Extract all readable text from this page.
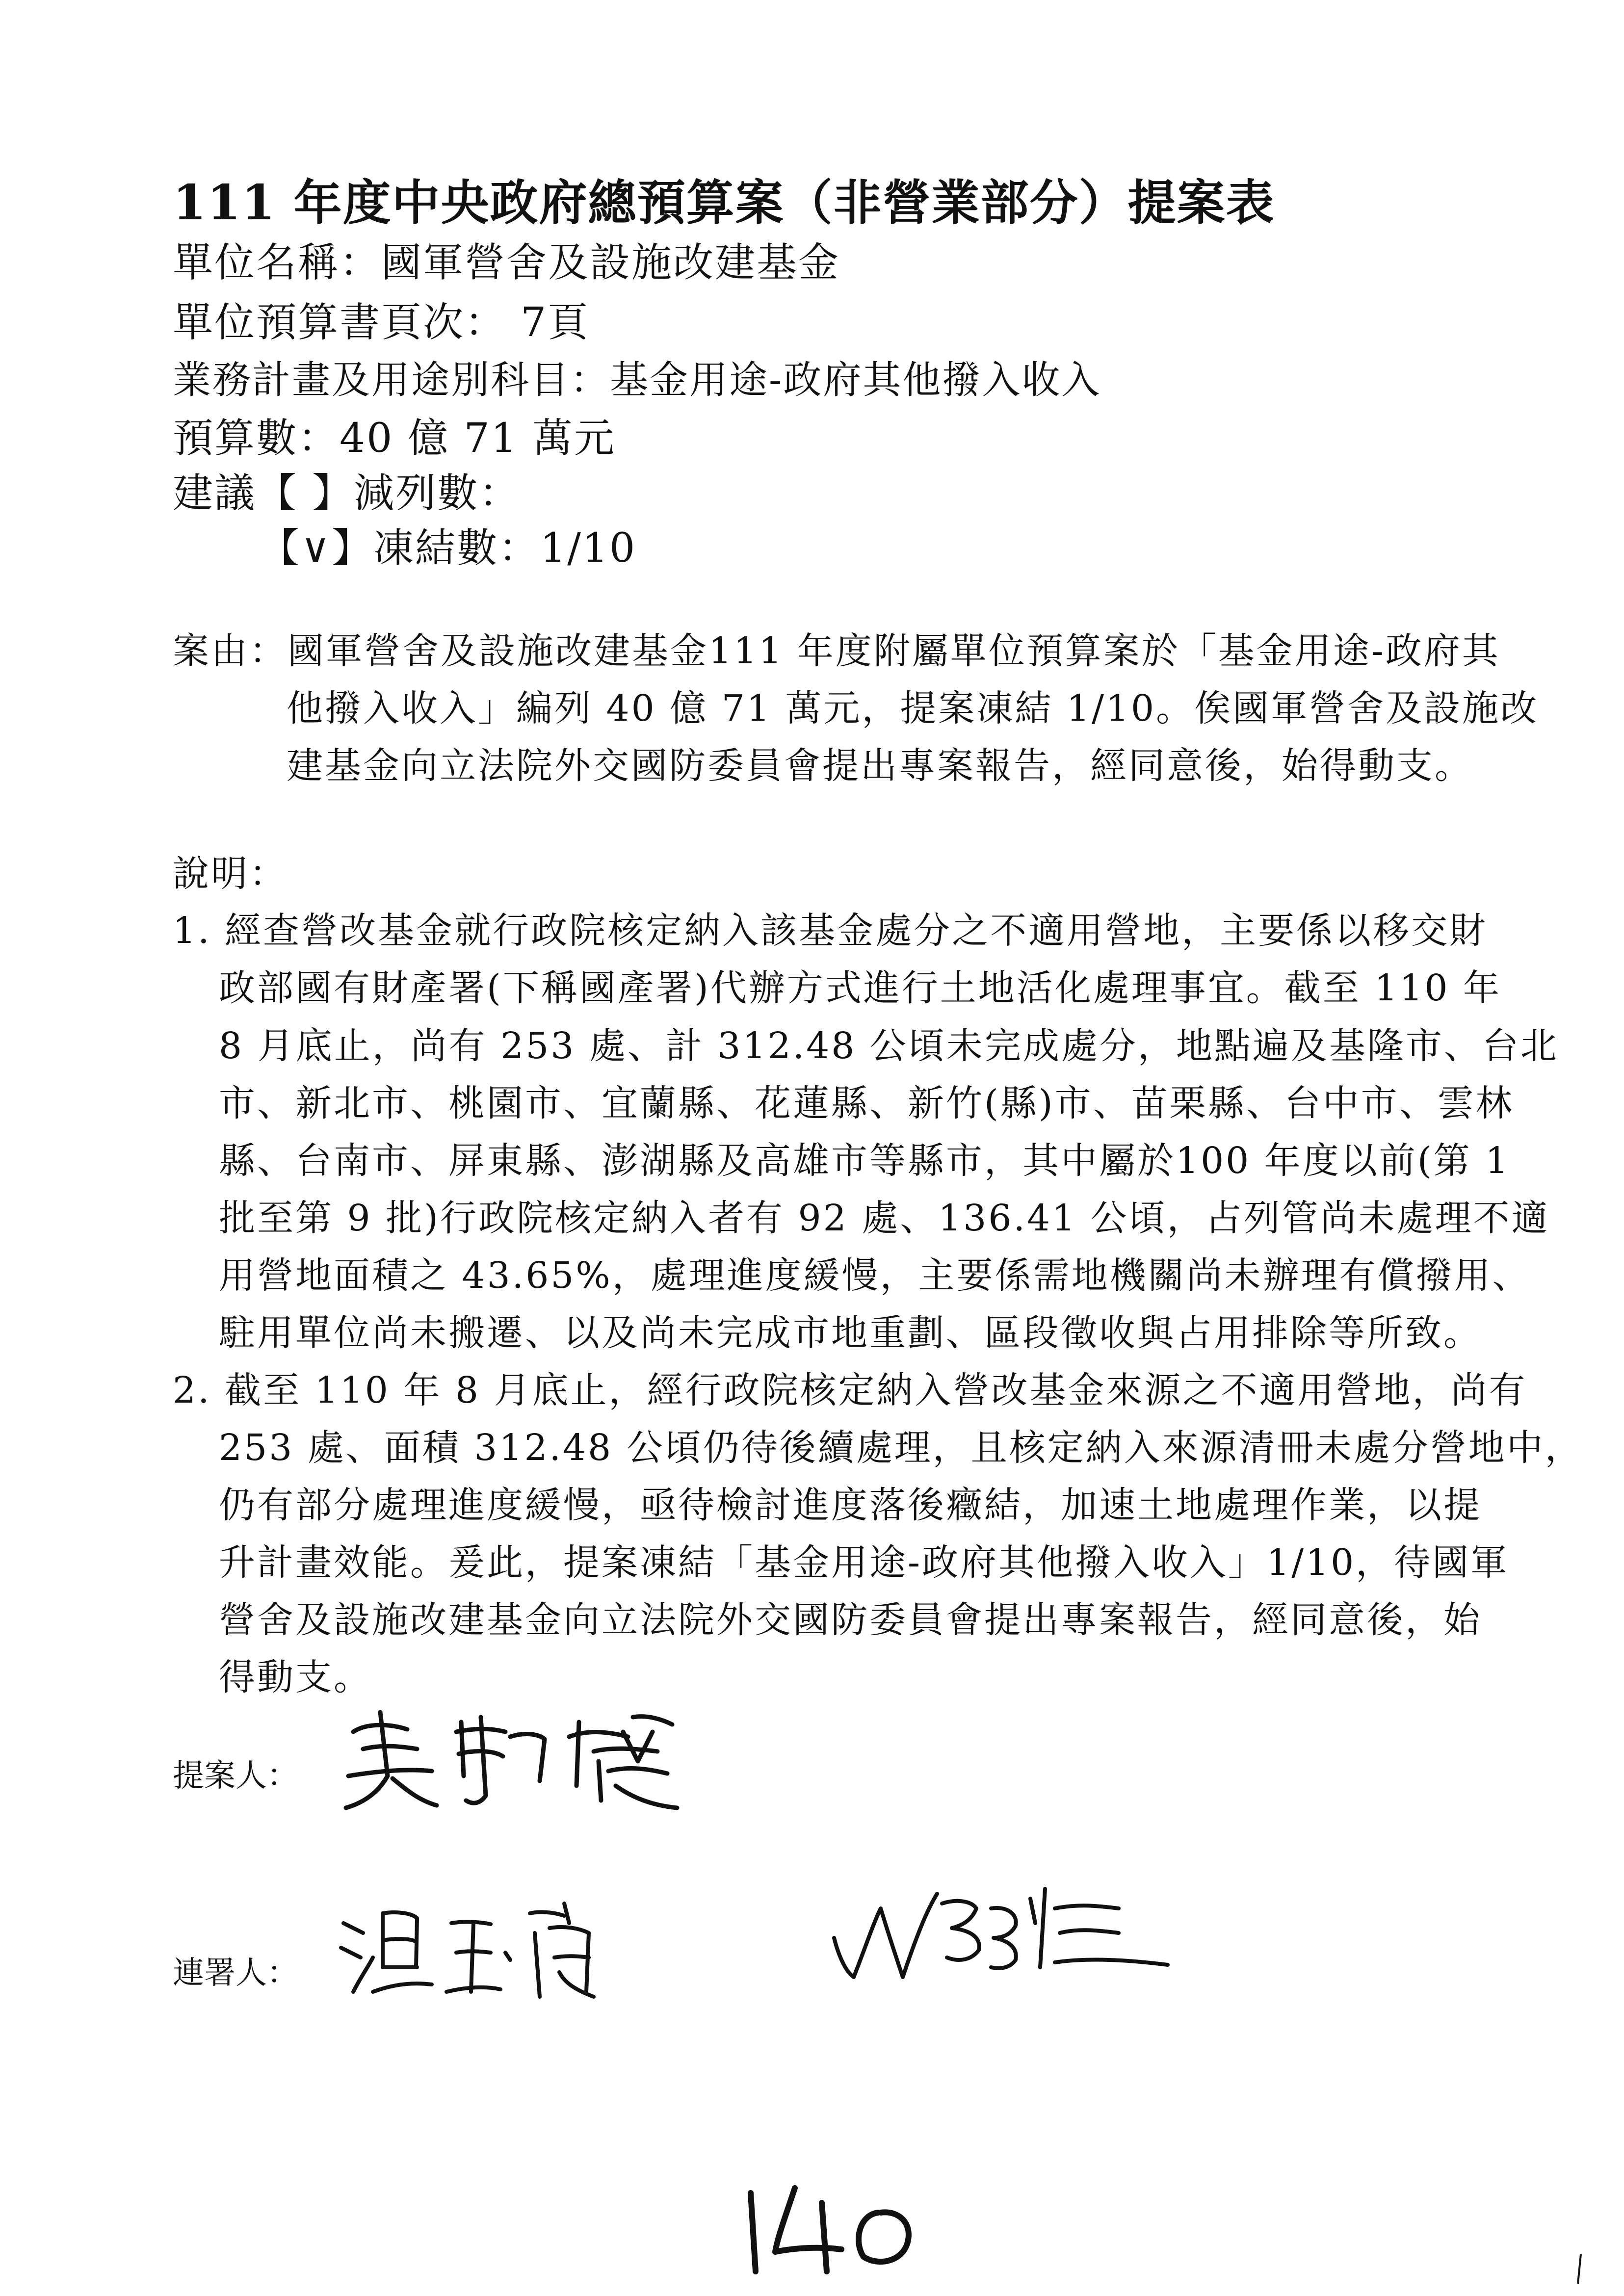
111 年度中央政府總預算案（非營業部分）提案表
單位名稱：國軍營舍及設施改建基金
單位預算書頁次： 7頁
業務計畫及用途別科目：基金用途-政府其他撥入收入
預算數：40 億 71 萬元
建議【 】減列數：
【∨】凍結數：1/10
案由：國軍營舍及設施改建基金111 年度附屬單位預算案於「基金用途-政府其
他撥入收入」編列 40 億 71 萬元，提案凍結 1/10。俟國軍營舍及設施改
建基金向立法院外交國防委員會提出專案報告，經同意後，始得動支。
說明：
1. 經查營改基金就行政院核定納入該基金處分之不適用營地，主要係以移交財
政部國有財產署(下稱國產署)代辦方式進行土地活化處理事宜。截至 110 年
8 月底止，尚有 253 處、計 312.48 公頃未完成處分，地點遍及基隆市、台北
市、新北市、桃園市、宜蘭縣、花蓮縣、新竹(縣)市、苗栗縣、台中市、雲林
縣、台南市、屏東縣、澎湖縣及高雄市等縣市，其中屬於100 年度以前(第 1
批至第 9 批)行政院核定納入者有 92 處、136.41 公頃，占列管尚未處理不適
用營地面積之 43.65%，處理進度緩慢，主要係需地機關尚未辦理有償撥用、
駐用單位尚未搬遷、以及尚未完成市地重劃、區段徵收與占用排除等所致。
2. 截至 110 年 8 月底止，經行政院核定納入營改基金來源之不適用營地，尚有
253 處、面積 312.48 公頃仍待後續處理，且核定納入來源清冊未處分營地中，
仍有部分處理進度緩慢，亟待檢討進度落後癥結，加速土地處理作業，以提
升計畫效能。爰此，提案凍結「基金用途-政府其他撥入收入」1/10，待國軍
營舍及設施改建基金向立法院外交國防委員會提出專案報告，經同意後，始
得動支。
提案人：
連署人：
140
